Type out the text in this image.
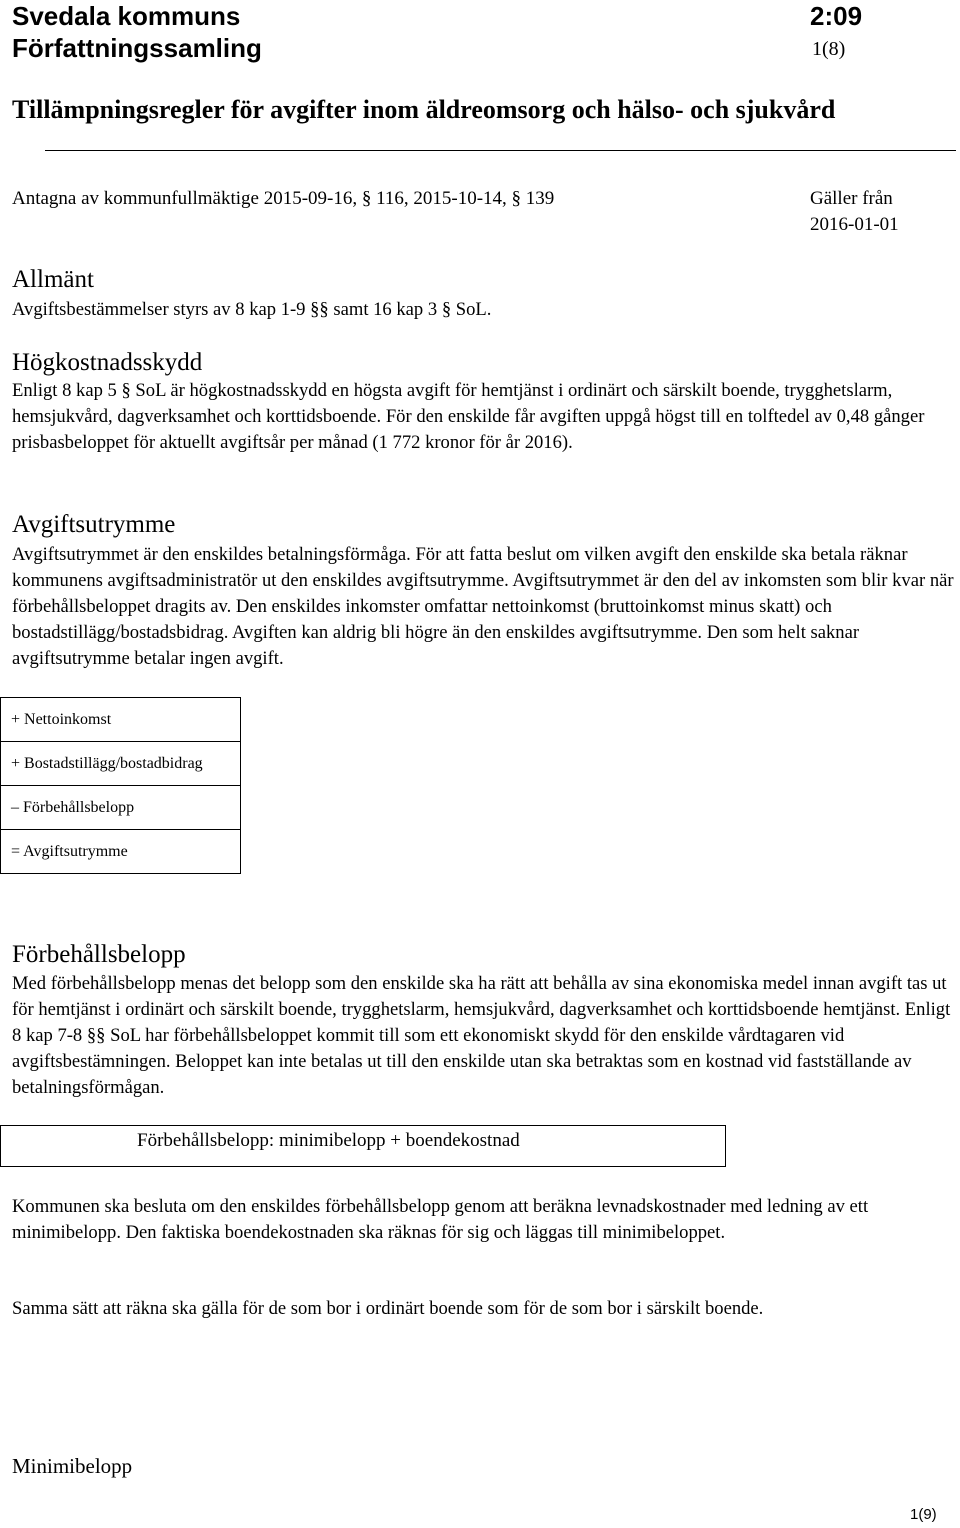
Svedala kommuns
Författningssamling
2:09
1(8)
Tillämpningsregler för avgifter inom äldreomsorg och hälso- och sjukvård
Antagna av kommunfullmäktige 2015-09-16, § 116, 2015-10-14, § 139	Gäller från
2016-01-01
Allmänt
Avgiftsbestämmelser styrs av 8 kap 1-9 §§ samt 16 kap 3 § SoL.
Högkostnadsskydd
Enligt 8 kap 5 § SoL är högkostnadsskydd en högsta avgift för hemtjänst i ordinärt och särskilt boende, trygghetslarm, hemsjukvård, dagverksamhet och korttidsboende. För den enskilde får avgiften uppgå högst till en tolftedel av 0,48 gånger prisbasbeloppet för aktuellt avgiftsår per månad (1 772 kronor för år 2016).
Avgiftsutrymme
Avgiftsutrymmet är den enskildes betalningsförmåga. För att fatta beslut om vilken avgift den enskilde ska betala räknar kommunens avgiftsadministratör ut den enskildes avgiftsutrymme. Avgiftsutrymmet är den del av inkomsten som blir kvar när förbehållsbeloppet dragits av. Den enskildes inkomster omfattar nettoinkomst (bruttoinkomst minus skatt) och bostadstillägg/bostadsbidrag. Avgiften kan aldrig bli högre än den enskildes avgiftsutrymme. Den som helt saknar avgiftsutrymme betalar ingen avgift.
+ Nettoinkomst
+ Bostadstillägg/bostadbidrag
– Förbehållsbelopp
= Avgiftsutrymme
Förbehållsbelopp
Med förbehållsbelopp menas det belopp som den enskilde ska ha rätt att behålla av sina ekonomiska medel innan avgift tas ut för hemtjänst i ordinärt och särskilt boende, trygghetslarm, hemsjukvård, dagverksamhet och korttidsboende hemtjänst. Enligt 8 kap 7-8 §§ SoL har förbehållsbeloppet kommit till som ett ekonomiskt skydd för den enskilde vårdtagaren vid avgiftsbestämningen. Beloppet kan inte betalas ut till den enskilde utan ska betraktas som en kostnad vid fastställande av betalningsförmågan.
Förbehållsbelopp: minimibelopp + boendekostnad
Kommunen ska besluta om den enskildes förbehållsbelopp genom att beräkna levnadskostnader med ledning av ett minimibelopp. Den faktiska boendekostnaden ska räknas för sig och läggas till minimibeloppet.
Samma sätt att räkna ska gälla för de som bor i ordinärt boende som för de som bor i särskilt boende.
Minimibelopp
1(9)
